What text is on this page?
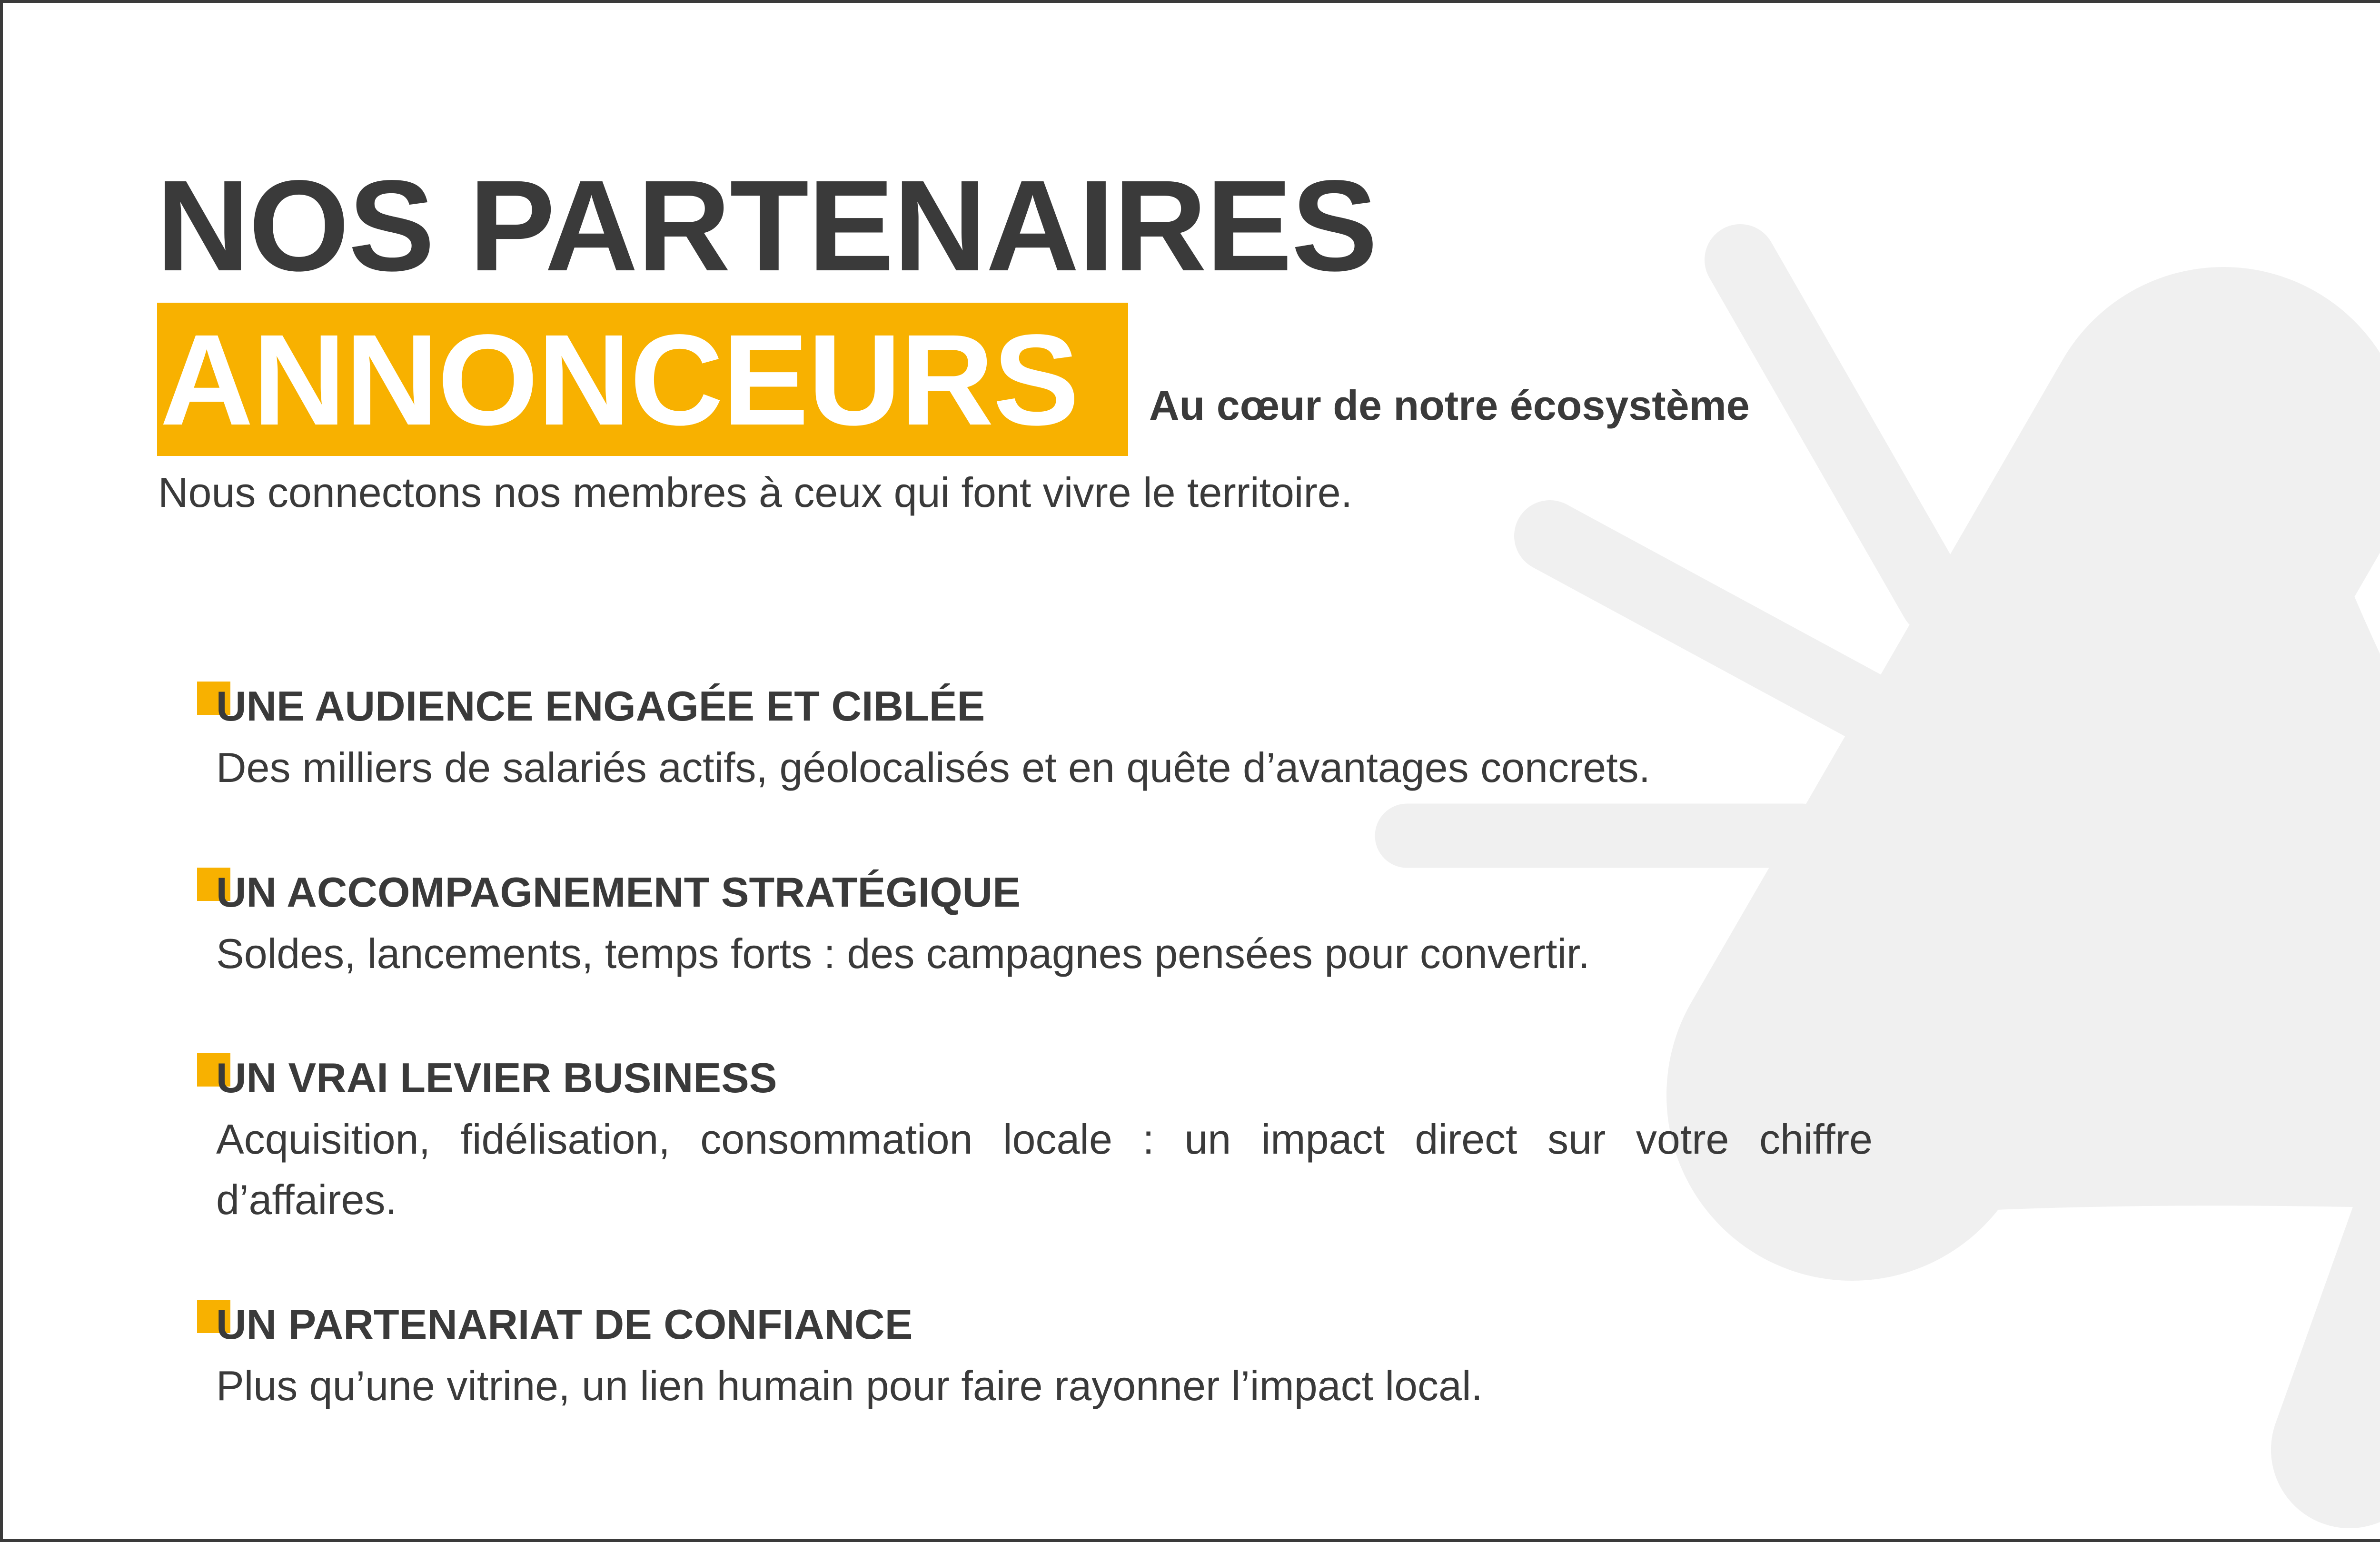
NOS PARTENAIRES
ANNONCEURS Au cœur de notre écosystème
Nous connectons nos membres à ceux qui font vivre le territoire.

UNE AUDIENCE ENGAGÉE ET CIBLÉE

Des milliers de salariés actifs, géolocalisés et en quête d’avantages concrets.

UN ACCOMPAGNEMENT STRATÉGIQUE

Soldes, lancements, temps forts : des campagnes pensées pour convertir.

UN VRAI LEVIER BUSINESS

Acquisition, fidélisation, consommation locale : un impact direct sur votre chiffre d’affaires.

UN PARTENARIAT DE CONFIANCE

Plus qu’une vitrine, un lien humain pour faire rayonner l’impact local.
